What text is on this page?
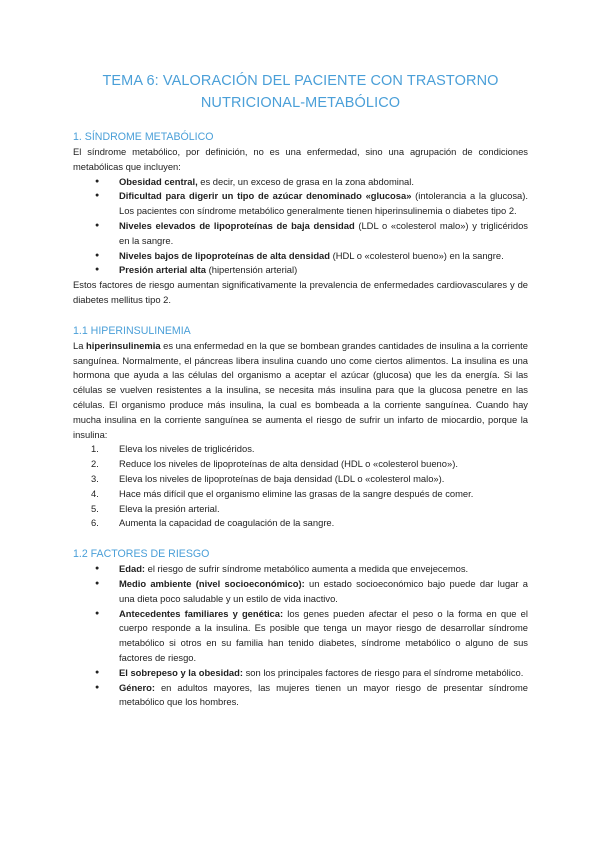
TEMA 6: VALORACIÓN DEL PACIENTE CON TRASTORNO
NUTRICIONAL-METABÓLICO
1. SÍNDROME METABÓLICO

El síndrome metabólico, por definición, no es una enfermedad, sino una agrupación de condiciones metabólicas que incluyen:

● Obesidad central, es decir, un exceso de grasa en la zona abdominal.
● Dificultad para digerir un tipo de azúcar denominado «glucosa» (intolerancia a la glucosa). Los pacientes con síndrome metabólico generalmente tienen hiperinsulinemia o diabetes tipo 2.
● Niveles elevados de lipoproteínas de baja densidad (LDL o «colesterol malo») y triglicéridos en la sangre.
● Niveles bajos de lipoproteínas de alta densidad (HDL o «colesterol bueno») en la sangre.
● Presión arterial alta (hipertensión arterial)

Estos factores de riesgo aumentan significativamente la prevalencia de enfermedades cardiovasculares y de diabetes mellitus tipo 2.

1.1 HIPERINSULINEMIA

La hiperinsulinemia es una enfermedad en la que se bombean grandes cantidades de insulina a la corriente sanguínea. Normalmente, el páncreas libera insulina cuando uno come ciertos alimentos. La insulina es una hormona que ayuda a las células del organismo a aceptar el azúcar (glucosa) que les da energía. Si las células se vuelven resistentes a la insulina, se necesita más insulina para que la glucosa penetre en las células. El organismo produce más insulina, la cual es bombeada a la corriente sanguínea. Cuando hay mucha insulina en la corriente sanguínea se aumenta el riesgo de sufrir un infarto de miocardio, porque la insulina:

1. Eleva los niveles de triglicéridos.
2. Reduce los niveles de lipoproteínas de alta densidad (HDL o «colesterol bueno»).
3. Eleva los niveles de lipoproteínas de baja densidad (LDL o «colesterol malo»).
4. Hace más difícil que el organismo elimine las grasas de la sangre después de comer.
5. Eleva la presión arterial.
6. Aumenta la capacidad de coagulación de la sangre.
1.2 FACTORES DE RIESGO
● Edad: el riesgo de sufrir síndrome metabólico aumenta a medida que envejecemos.
● Medio ambiente (nivel socioeconómico): un estado socioeconómico bajo puede dar lugar a una dieta poco saludable y un estilo de vida inactivo.
● Antecedentes familiares y genética: los genes pueden afectar el peso o la forma en que el cuerpo responde a la insulina. Es posible que tenga un mayor riesgo de desarrollar síndrome metabólico si otros en su familia han tenido diabetes, síndrome metabólico o alguno de sus factores de riesgo.
● El sobrepeso y la obesidad: son los principales factores de riesgo para el síndrome metabólico.
● Género: en adultos mayores, las mujeres tienen un mayor riesgo de presentar síndrome metabólico que los hombres.
